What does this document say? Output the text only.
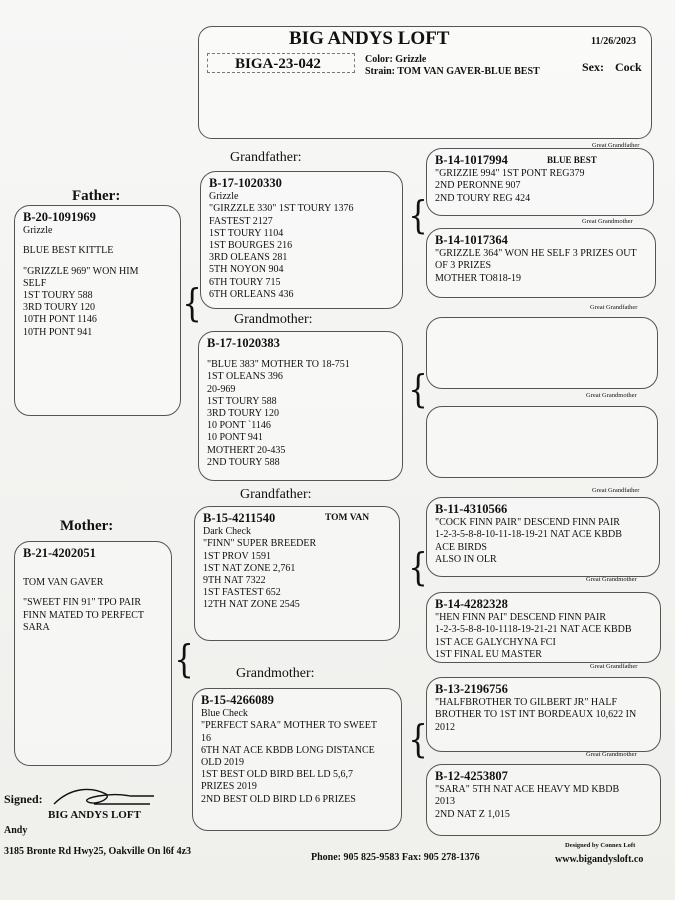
BIG ANDYS LOFT	11/26/2023
BIGA-23-042	Color: Grizzle
Strain: TOM VAN GAVER-BLUE BEST	Sex: Cock
Father:
Mother:
Grandfather:
Grandmother:
Grandfather:
Grandmother:
Great Grandfather
Great Grandmother
Great Grandfather
Great Grandmother
Great Grandfather
Great Grandmother
Great Grandfather
Great Grandmother
B-20-1091969
Grizzle
BLUE BEST KITTLE
"GRIZZLE 969" WON HIM
SELF
1ST TOURY 588
3RD TOURY 120
10TH PONT 1146
10TH PONT 941
B-21-4202051
TOM VAN GAVER
"SWEET FIN 91" TPO PAIR
FINN MATED TO PERFECT
SARA
B-17-1020330
Grizzle
"GIRZZLE 330" 1ST TOURY 1376
FASTEST 2127
1ST TOURY 1104
1ST BOURGES 216
3RD OLEANS 281
5TH NOYON 904
6TH TOURY 715
6TH ORLEANS 436
B-17-1020383
"BLUE 383" MOTHER TO 18-751
1ST OLEANS 396
20-969
1ST TOURY 588
3RD TOURY 120
10 PONT `1146
10 PONT 941
MOTHERT 20-435
2ND TOURY 588
B-15-4211540	TOM VAN
Dark Check
"FINN" SUPER BREEDER
1ST PROV 1591
1ST NAT ZONE 2,761
9TH NAT 7322
1ST FASTEST 652
12TH NAT ZONE 2545
B-15-4266089
Blue Check
"PERFECT SARA" MOTHER TO SWEET
16
6TH NAT ACE KBDB LONG DISTANCE
OLD 2019
1ST BEST OLD BIRD BEL LD 5,6,7
PRIZES 2019
2ND BEST OLD BIRD LD 6 PRIZES
B-14-1017994	BLUE BEST
"GRIZZIE 994" 1ST PONT REG379
2ND PERONNE 907
2ND TOURY REG 424
B-14-1017364
"GRIZZLE 364" WON HE SELF 3 PRIZES OUT
OF 3 PRIZES
MOTHER TO818-19
B-11-4310566
"COCK FINN PAIR" DESCEND FINN PAIR
1-2-3-5-8-8-10-11-18-19-21 NAT ACE KBDB
ACE BIRDS
ALSO IN OLR
B-14-4282328
"HEN FINN PAI" DESCEND FINN PAIR
1-2-3-5-8-8-10-1118-19-21-21 NAT ACE KBDB
1ST ACE GALYCHYNA FCI
1ST FINAL EU MASTER
B-13-2196756
"HALFBROTHER TO GILBERT JR" HALF
BROTHER TO 1ST INT BORDEAUX 10,622 IN
2012
B-12-4253807
"SARA" 5TH NAT ACE HEAVY MD KBDB
2013
2ND NAT Z 1,015
{
{
{
{
{
{
Signed:
BIG ANDYS LOFT
Andy
3185 Bronte Rd Hwy25, Oakville On l6f 4z3
Phone: 905 825-9583 Fax: 905 278-1376
Designed by Connex Loft
www.bigandysloft.co
